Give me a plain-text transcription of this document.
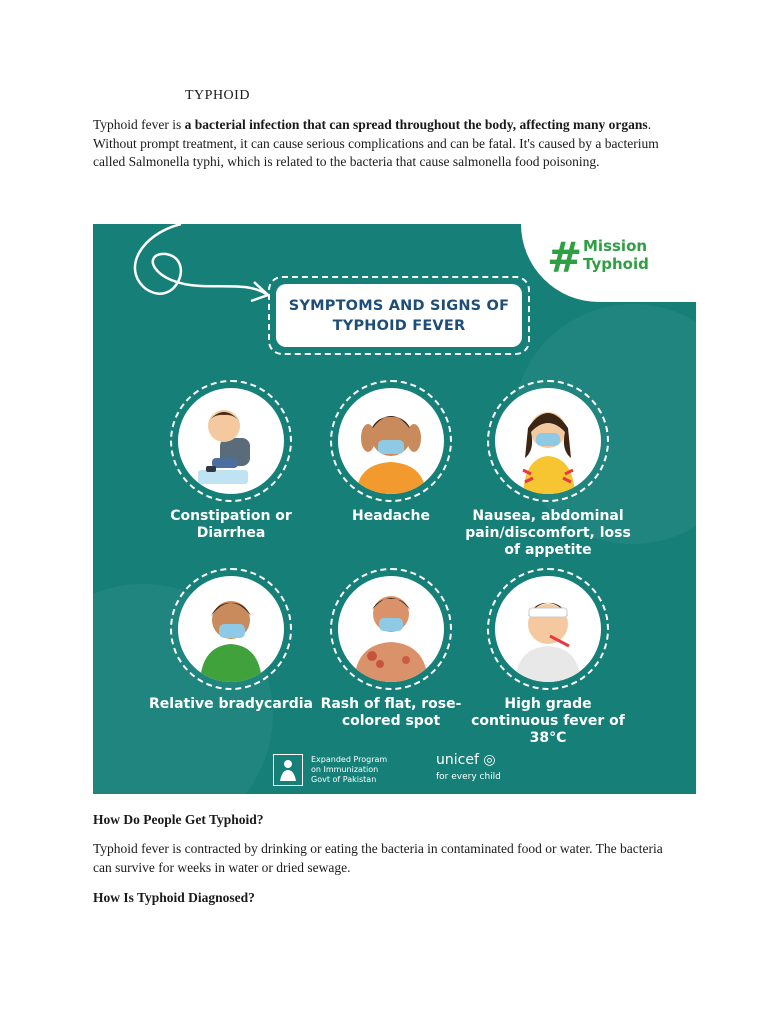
TYPHOID
Typhoid fever is a bacterial infection that can spread throughout the body, affecting many organs. Without prompt treatment, it can cause serious complications and can be fatal. It's caused by a bacterium called Salmonella typhi, which is related to the bacteria that cause salmonella food poisoning.
# Mission
Typhoid
SYMPTOMS AND SIGNS OF
TYPHOID FEVER
Constipation or Diarrhea
Headache	Nausea, abdominal pain/discomfort, loss of appetite
Relative bradycardia Rash of flat, rose-colored spot
High grade continuous fever of 38°C
Expanded Program
on Immunization
Govt of Pakistan
unicef ◎
for every child
How Do People Get Typhoid?
Typhoid fever is contracted by drinking or eating the bacteria in contaminated food or water. The bacteria can survive for weeks in water or dried sewage.
How Is Typhoid Diagnosed?
